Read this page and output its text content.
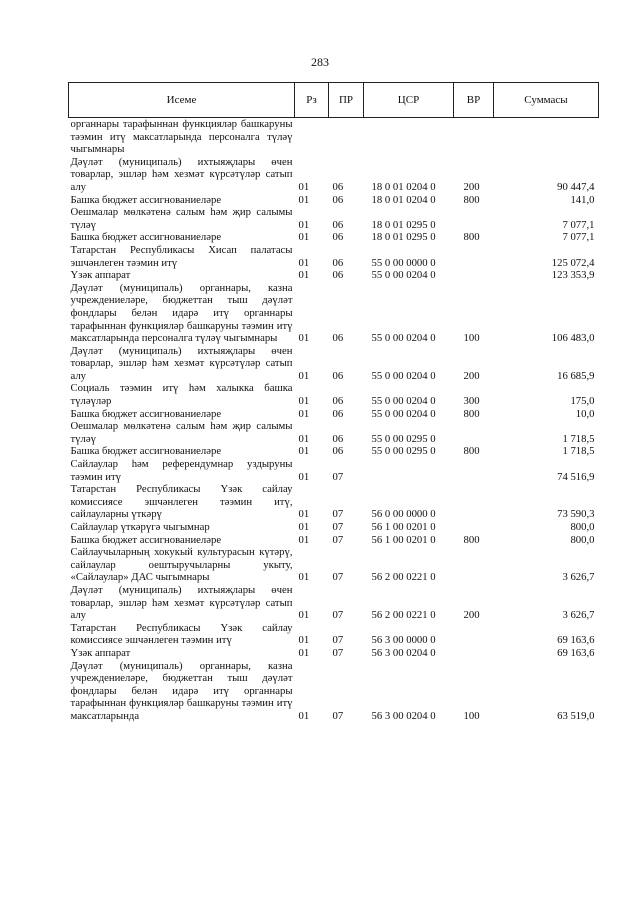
283
Исеме	Рз	ПР	ЦСР	ВР	Суммасы
органнары тарафыннан функцияләр башкаруны тәэмин итү максатларында персоналга түләү чыгымнары					
Дәүләт (муниципаль) ихтыяҗлары өчен товарлар, эшләр һәм хезмәт күрсәтүләр сатып алу	01	06	18 0 01 0204 0	200	90 447,4
Башка бюджет ассигнованиеләре	01	06	18 0 01 0204 0	800	141,0
Оешмалар мөлкәтенә салым һәм җир салымы түләү	01	06	18 0 01 0295 0		7 077,1
Башка бюджет ассигнованиеләре	01	06	18 0 01 0295 0	800	7 077,1
Татарстан Республикасы Хисап палатасы эшчәнлеген тәэмин итү	01	06	55 0 00 0000 0		125 072,4
Үзәк аппарат	01	06	55 0 00 0204 0		123 353,9
Дәүләт (муниципаль) органнары, казна учреждениеләре, бюджеттан тыш дәүләт фондлары белән идарә итү органнары тарафыннан функцияләр башкаруны тәэмин итү максатларында персоналга түләү чыгымнары	01	06	55 0 00 0204 0	100	106 483,0
Дәүләт (муниципаль) ихтыяҗлары өчен товарлар, эшләр һәм хезмәт күрсәтүләр сатып алу	01	06	55 0 00 0204 0	200	16 685,9
Социаль тәэмин итү һәм халыкка башка түләүләр	01	06	55 0 00 0204 0	300	175,0
Башка бюджет ассигнованиеләре	01	06	55 0 00 0204 0	800	10,0
Оешмалар мөлкәтенә салым һәм җир салымы түләү	01	06	55 0 00 0295 0		1 718,5
Башка бюджет ассигнованиеләре	01	06	55 0 00 0295 0	800	1 718,5
Сайлаулар һәм референдумнар уздыруны тәэмин итү	01	07			74 516,9
Татарстан Республикасы Үзәк сайлау комиссиясе эшчәнлеген тәэмин итү, сайлауларны үткәрү	01	07	56 0 00 0000 0		73 590,3
Сайлаулар үткәрүгә чыгымнар	01	07	56 1 00 0201 0		800,0
Башка бюджет ассигнованиеләре	01	07	56 1 00 0201 0	800	800,0
Сайлаучыларның хокукый культурасын күтәрү, сайлаулар оештыручыларны укыту, «Сайлаулар» ДАС чыгымнары	01	07	56 2 00 0221 0		3 626,7
Дәүләт (муниципаль) ихтыяҗлары өчен товарлар, эшләр һәм хезмәт күрсәтүләр сатып алу	01	07	56 2 00 0221 0	200	3 626,7
Татарстан Республикасы Үзәк сайлау комиссиясе эшчәнлеген тәэмин итү	01	07	56 3 00 0000 0		69 163,6
Үзәк аппарат	01	07	56 3 00 0204 0		69 163,6
Дәүләт (муниципаль) органнары, казна учреждениеләре, бюджеттан тыш дәүләт фондлары белән идарә итү органнары тарафыннан функцияләр башкаруны тәэмин итү максатларында	01	07	56 3 00 0204 0	100	63 519,0
